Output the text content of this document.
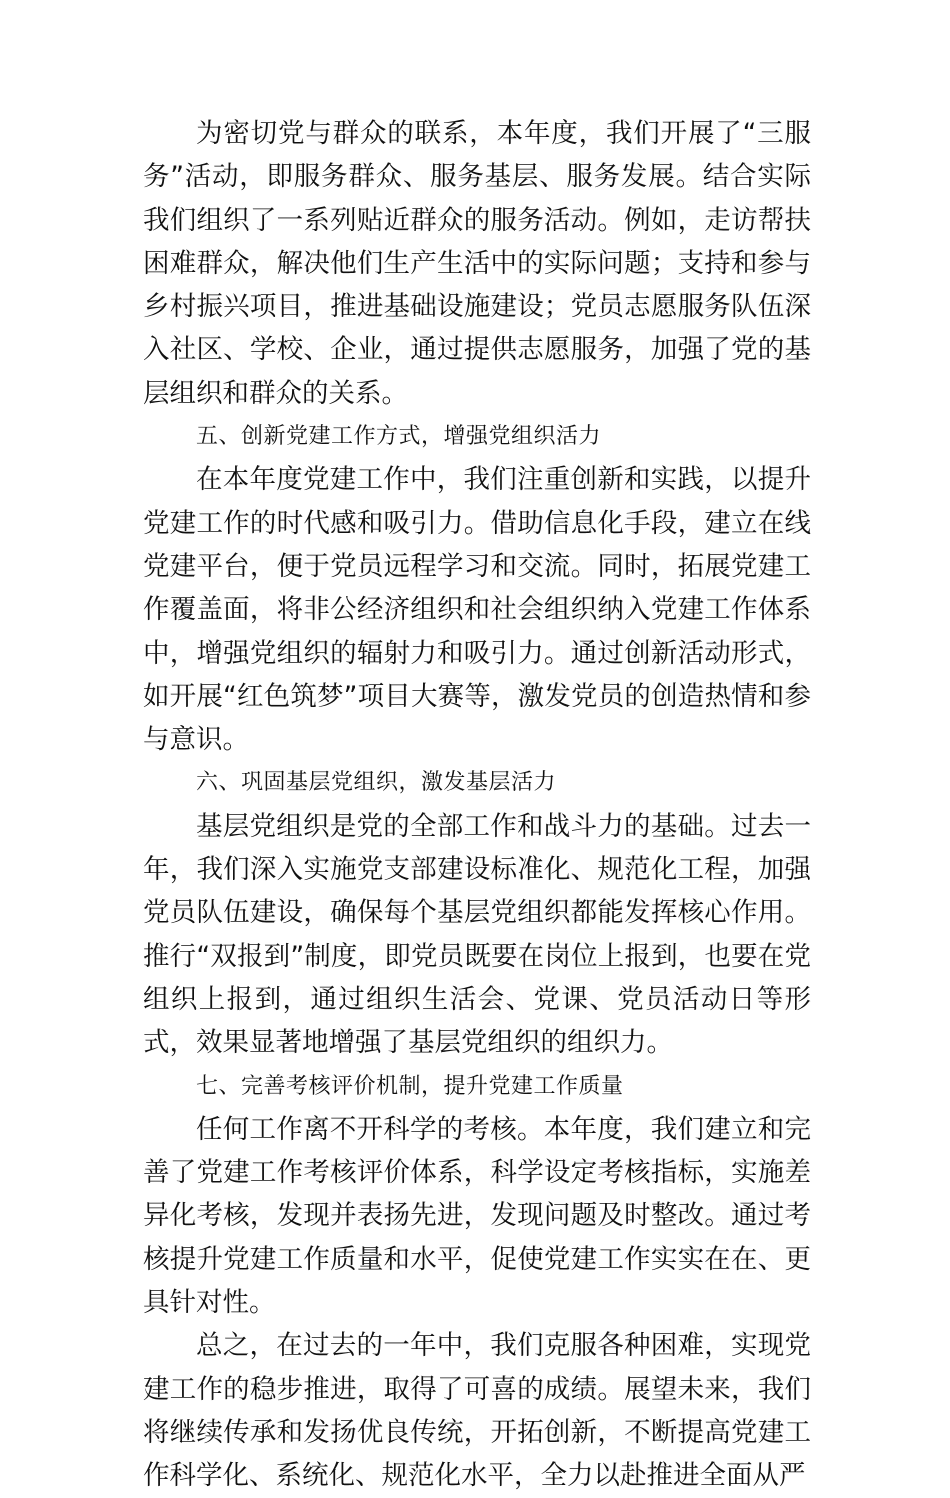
为密切党与群众的联系，本年度，我们开展了“三服务”活动，即服务群众、服务基层、服务发展。结合实际我们组织了一系列贴近群众的服务活动。例如，走访帮扶困难群众，解决他们生产生活中的实际问题；支持和参与乡村振兴项目，推进基础设施建设；党员志愿服务队伍深入社区、学校、企业，通过提供志愿服务，加强了党的基层组织和群众的关系。

五、创新党建工作方式，增强党组织活力

在本年度党建工作中，我们注重创新和实践，以提升党建工作的时代感和吸引力。借助信息化手段，建立在线党建平台，便于党员远程学习和交流。同时，拓展党建工作覆盖面，将非公经济组织和社会组织纳入党建工作体系中，增强党组织的辐射力和吸引力。通过创新活动形式，如开展“红色筑梦”项目大赛等，激发党员的创造热情和参与意识。

六、巩固基层党组织，激发基层活力

基层党组织是党的全部工作和战斗力的基础。过去一年，我们深入实施党支部建设标准化、规范化工程，加强党员队伍建设，确保每个基层党组织都能发挥核心作用。推行“双报到”制度，即党员既要在岗位上报到，也要在党组织上报到，通过组织生活会、党课、党员活动日等形式，效果显著地增强了基层党组织的组织力。

七、完善考核评价机制，提升党建工作质量

任何工作离不开科学的考核。本年度，我们建立和完善了党建工作考核评价体系，科学设定考核指标，实施差异化考核，发现并表扬先进，发现问题及时整改。通过考核提升党建工作质量和水平，促使党建工作实实在在、更具针对性。

总之，在过去的一年中，我们克服各种困难，实现党建工作的稳步推进，取得了可喜的成绩。展望未来，我们将继续传承和发扬优良传统，开拓创新，不断提高党建工作科学化、系统化、规范化水平，全力以赴推进全面从严
